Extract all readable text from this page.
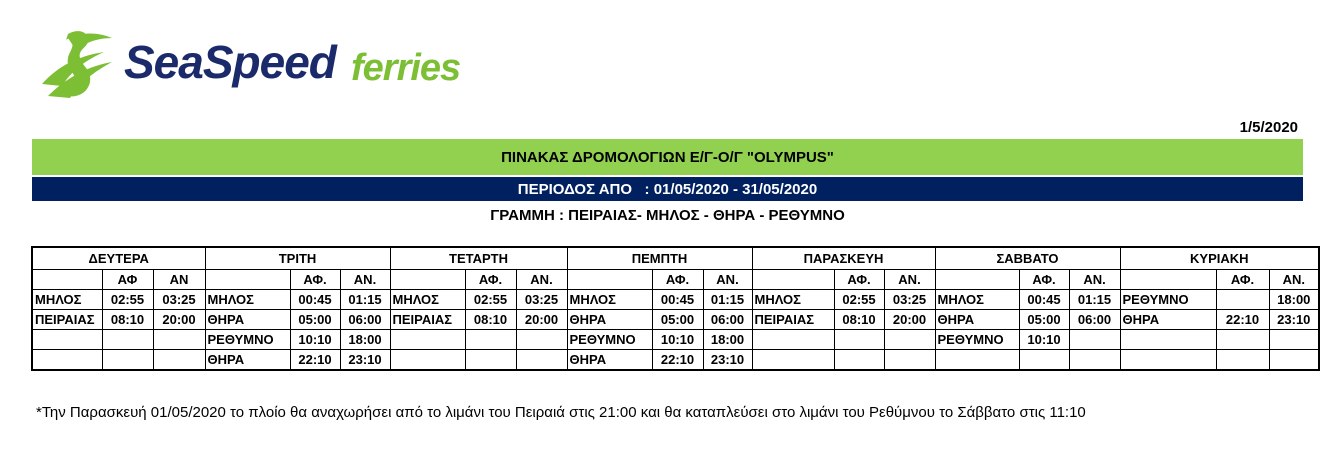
SeaSpeed ferries
1/5/2020
ΠΙΝΑΚΑΣ ΔΡΟΜΟΛΟΓΙΩΝ Ε/Γ-Ο/Γ "OLYMPUS"
ΠΕΡΙΟΔΟΣ ΑΠΟ   : 01/05/2020 - 31/05/2020
ΓΡΑΜΜΗ : ΠΕΙΡΑΙΑΣ- ΜΗΛΟΣ - ΘΗΡΑ - ΡΕΘΥΜΝΟ
ΔΕΥΤΕΡΑ			ΤΡΙΤΗ			ΤΕΤΑΡΤΗ			ΠΕΜΠΤΗ			ΠΑΡΑΣΚΕΥΗ			ΣΑΒΒΑΤΟ			ΚΥΡΙΑΚΗ		
	ΑΦ	ΑΝ		ΑΦ.	ΑΝ.		ΑΦ.	ΑΝ.		ΑΦ.	ΑΝ.		ΑΦ.	ΑΝ.		ΑΦ.	ΑΝ.		ΑΦ.	ΑΝ.
ΜΗΛΟΣ	02:55	03:25	ΜΗΛΟΣ	00:45	01:15	ΜΗΛΟΣ	02:55	03:25	ΜΗΛΟΣ	00:45	01:15	ΜΗΛΟΣ	02:55	03:25	ΜΗΛΟΣ	00:45	01:15	ΡΕΘΥΜΝΟ		18:00
ΠΕΙΡΑΙΑΣ	08:10	20:00	ΘΗΡΑ	05:00	06:00	ΠΕΙΡΑΙΑΣ	08:10	20:00	ΘΗΡΑ	05:00	06:00	ΠΕΙΡΑΙΑΣ	08:10	20:00	ΘΗΡΑ	05:00	06:00	ΘΗΡΑ	22:10	23:10
			ΡΕΘΥΜΝΟ	10:10	18:00				ΡΕΘΥΜΝΟ	10:10	18:00				ΡΕΘΥΜΝΟ	10:10				
			ΘΗΡΑ	22:10	23:10				ΘΗΡΑ	22:10	23:10									
*Την Παρασκευή 01/05/2020 το πλοίο θα αναχωρήσει από το λιμάνι του Πειραιά στις 21:00 και θα καταπλεύσει στο λιμάνι του Ρεθύμνου το Σάββατο στις 11:10
